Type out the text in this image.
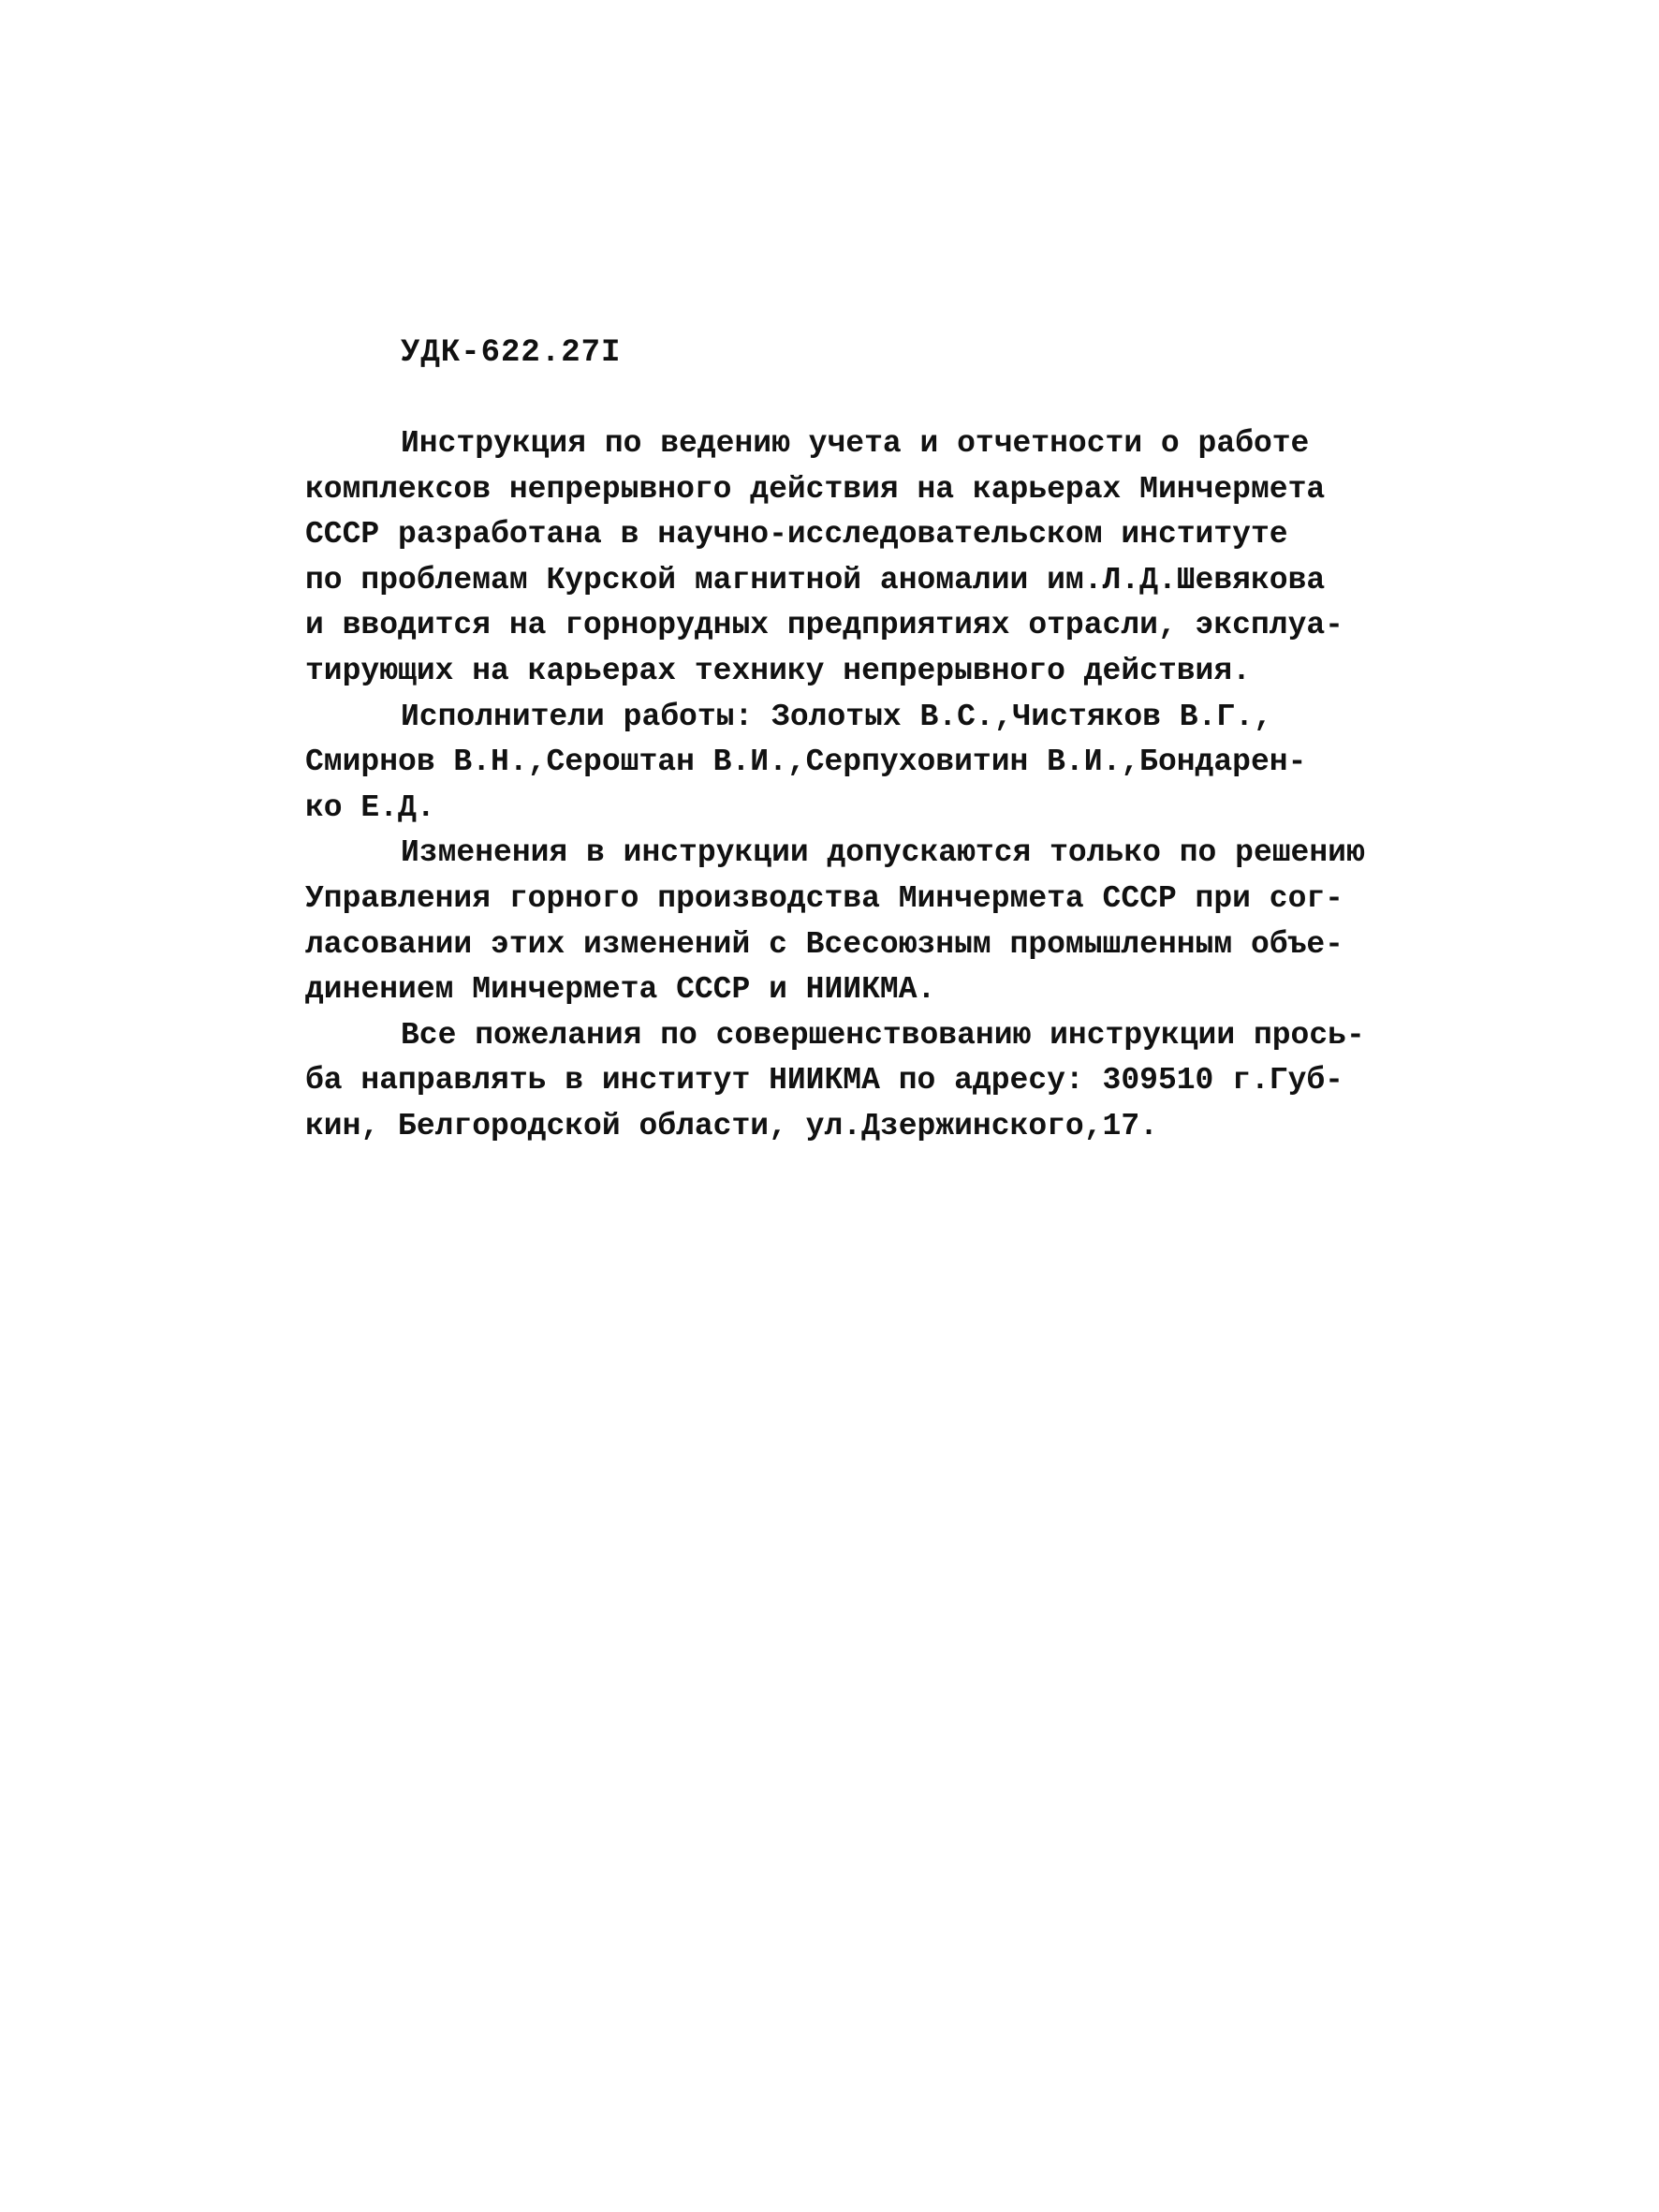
УДК-622.27I
Инструкция по ведению учета и отчетности о работе
комплексов непрерывного действия на карьерах Минчермета
СССР разработана в научно-исследовательском институте
по проблемам Курской магнитной аномалии им.Л.Д.Шевякова
и вводится на горнорудных предприятиях отрасли, эксплуа-
тирующих на карьерах технику непрерывного действия.
Исполнители работы: Золотых В.С.,Чистяков В.Г.,
Смирнов В.Н.,Сероштан В.И.,Серпуховитин В.И.,Бондарен-
ко Е.Д.
Изменения в инструкции допускаются только по решению
Управления горного производства Минчермета СССР при сог-
ласовании этих изменений с Всесоюзным промышленным объе-
динением Минчермета СССР и НИИКМА.
Все пожелания по совершенствованию инструкции прось-
ба направлять в институт НИИКМА по адресу: 309510 г.Губ-
кин, Белгородской области, ул.Дзержинского,17.
